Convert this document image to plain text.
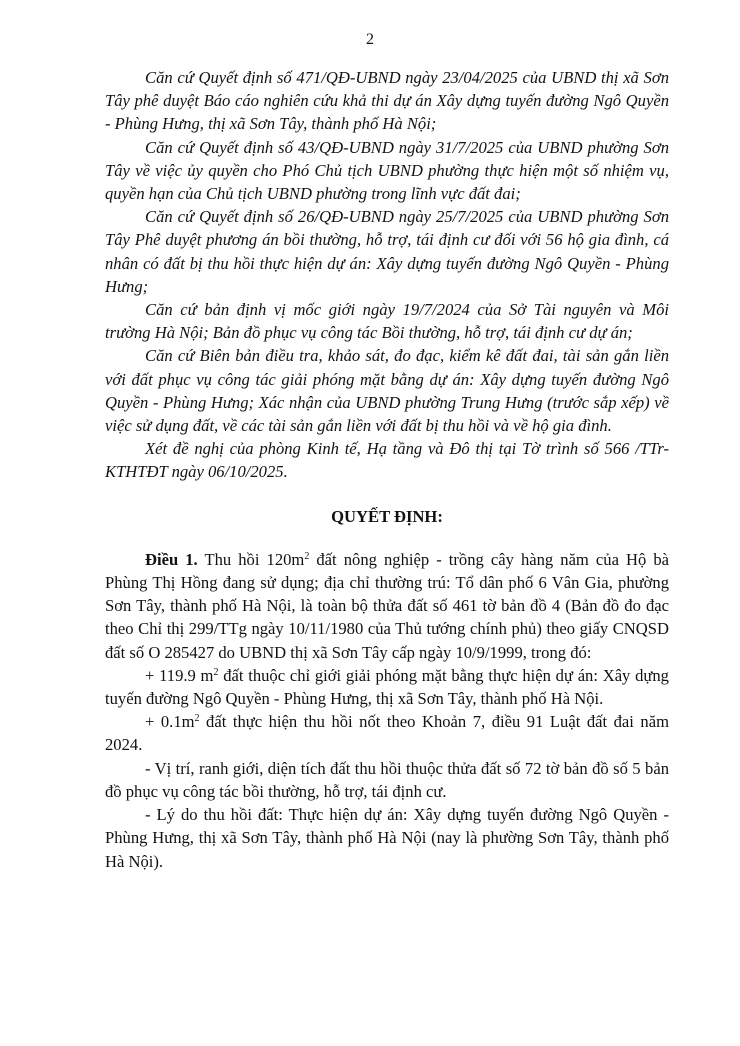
2

Căn cứ Quyết định số 471/QĐ-UBND ngày 23/04/2025 của UBND thị xã Sơn Tây phê duyệt Báo cáo nghiên cứu khả thi dự án Xây dựng tuyến đường Ngô Quyền - Phùng Hưng, thị xã Sơn Tây, thành phố Hà Nội;

Căn cứ Quyết định số 43/QĐ-UBND ngày 31/7/2025 của UBND phường Sơn Tây về việc ủy quyền cho Phó Chủ tịch UBND phường thực hiện một số nhiệm vụ, quyền hạn của Chủ tịch UBND phường trong lĩnh vực đất đai;

Căn cứ Quyết định số 26/QĐ-UBND ngày 25/7/2025 của UBND phường Sơn Tây Phê duyệt phương án bồi thường, hỗ trợ, tái định cư đối với 56 hộ gia đình, cá nhân có đất bị thu hồi thực hiện dự án: Xây dựng tuyến đường Ngô Quyền - Phùng Hưng;

Căn cứ bản định vị mốc giới ngày 19/7/2024 của Sở Tài nguyên và Môi trường Hà Nội; Bản đồ phục vụ công tác Bồi thường, hỗ trợ, tái định cư dự án;

Căn cứ Biên bản điều tra, khảo sát, đo đạc, kiểm kê đất đai, tài sản gắn liền với đất phục vụ công tác giải phóng mặt bằng dự án: Xây dựng tuyến đường Ngô Quyền - Phùng Hưng; Xác nhận của UBND phường Trung Hưng (trước sắp xếp) về việc sử dụng đất, về các tài sản gắn liền với đất bị thu hồi và về hộ gia đình.

Xét đề nghị của phòng Kinh tế, Hạ tầng và Đô thị tại Tờ trình số 566 /TTr-KTHTĐT ngày 06/10/2025.

QUYẾT ĐỊNH:

Điều 1. Thu hồi $120m^2$ đất nông nghiệp - trồng cây hàng năm của Hộ bà Phùng Thị Hồng đang sử dụng; địa chỉ thường trú: Tổ dân phố 6 Vân Gia, phường Sơn Tây, thành phố Hà Nội, là toàn bộ thửa đất số 461 tờ bản đồ 4 (Bản đồ đo đạc theo Chỉ thị 299/TTg ngày 10/11/1980 của Thủ tướng chính phủ) theo giấy CNQSD đất số O 285427 do UBND thị xã Sơn Tây cấp ngày 10/9/1999, trong đó:

+ 119.9 $m^2$ đất thuộc chỉ giới giải phóng mặt bằng thực hiện dự án: Xây dựng tuyến đường Ngô Quyền - Phùng Hưng, thị xã Sơn Tây, thành phố Hà Nội.

+ $0.1m^2$ đất thực hiện thu hồi nốt theo Khoản 7, điều 91 Luật đất đai năm 2024.

- Vị trí, ranh giới, diện tích đất thu hồi thuộc thửa đất số 72 tờ bản đồ số 5 bản đồ phục vụ công tác bồi thường, hỗ trợ, tái định cư.

- Lý do thu hồi đất: Thực hiện dự án: Xây dựng tuyến đường Ngô Quyền - Phùng Hưng, thị xã Sơn Tây, thành phố Hà Nội (nay là phường Sơn Tây, thành phố Hà Nội).
